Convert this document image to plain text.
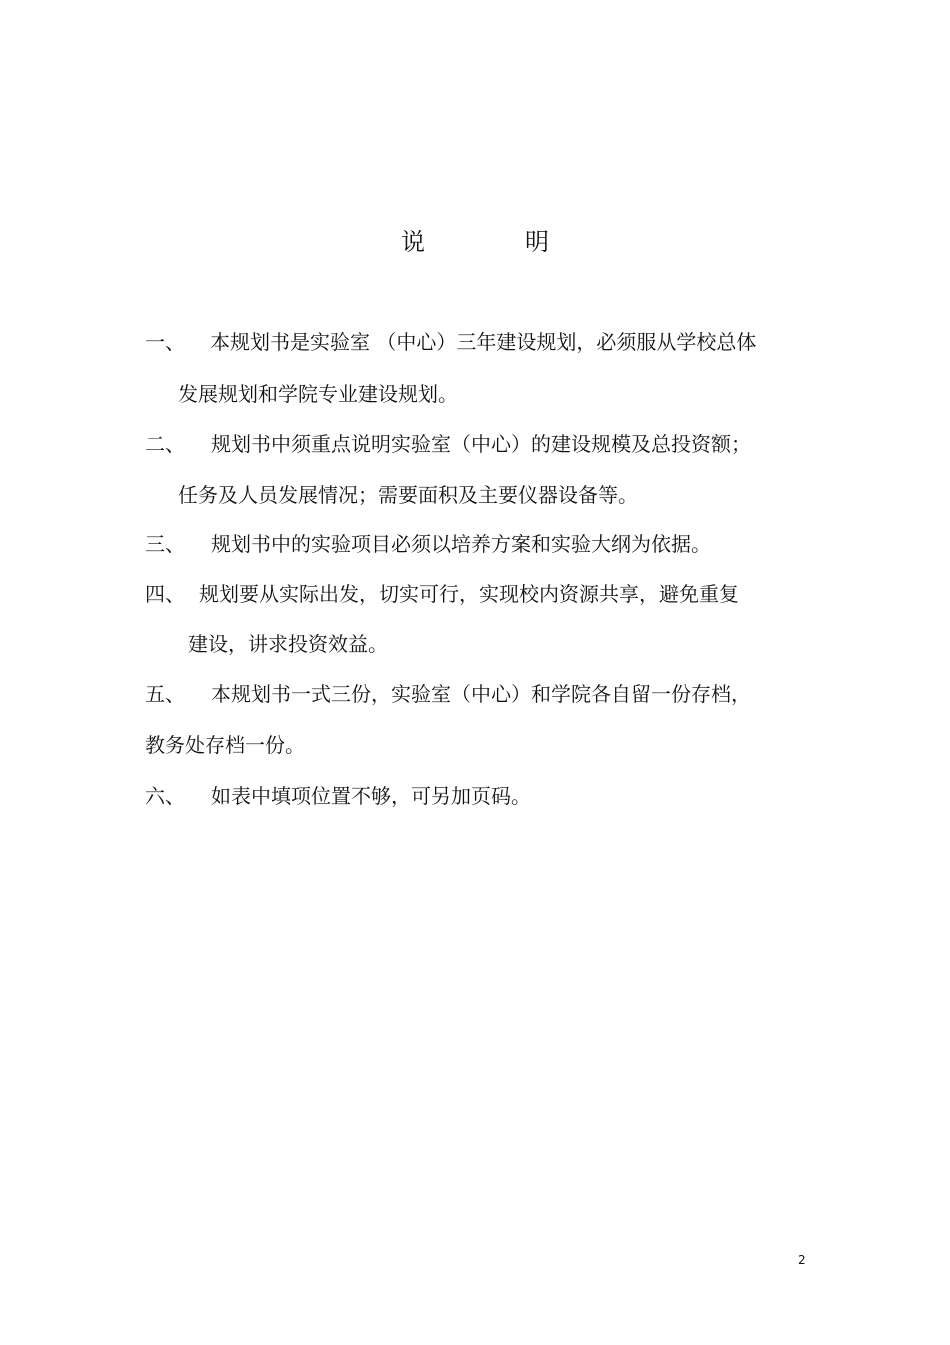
说	明
一、 本规划书是实验室 （中心）三年建设规划，必须服从学校总体
发展规划和学院专业建设规划。
二、 规划书中须重点说明实验室（中心）的建设规模及总投资额；
任务及人员发展情况；需要面积及主要仪器设备等。
三、 规划书中的实验项目必须以培养方案和实验大纲为依据。
四、 规划要从实际出发，切实可行，实现校内资源共享，避免重复
建设，讲求投资效益。
五、 本规划书一式三份，实验室（中心）和学院各自留一份存档，
教务处存档一份。
六、 如表中填项位置不够，可另加页码。
2
